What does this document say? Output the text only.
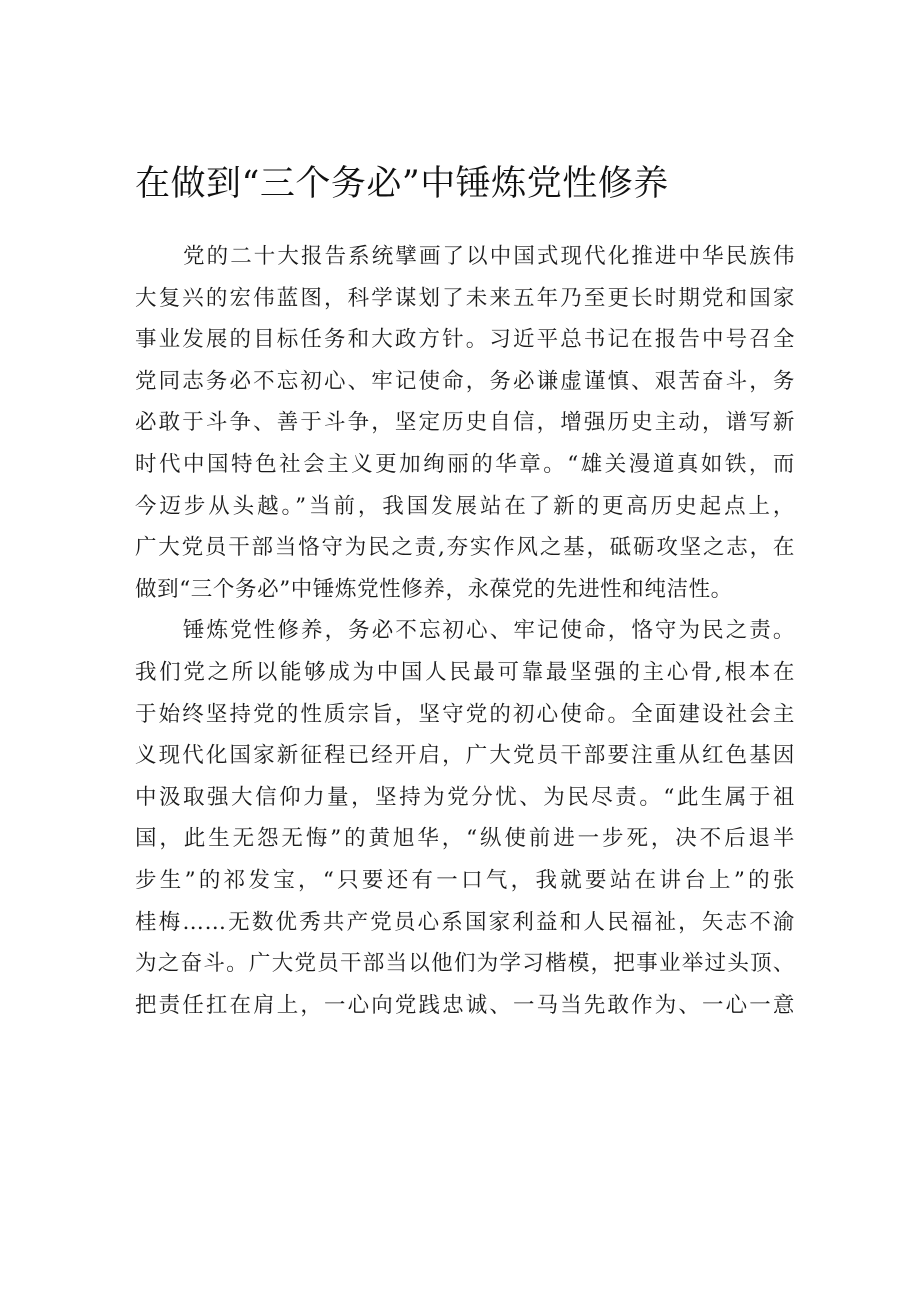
在做到“三个务必”中锤炼党性修养
党的二十大报告系统擘画了以中国式现代化推进中华民族伟
大复兴的宏伟蓝图，科学谋划了未来五年乃至更长时期党和国家
事业发展的目标任务和大政方针。习近平总书记在报告中号召全
党同志务必不忘初心、牢记使命，务必谦虚谨慎、艰苦奋斗，务
必敢于斗争、善于斗争，坚定历史自信，增强历史主动，谱写新
时代中国特色社会主义更加绚丽的华章。“雄关漫道真如铁，而
今迈步从头越。”当前，我国发展站在了新的更高历史起点上，
广大党员干部当恪守为民之责,夯实作风之基，砥砺攻坚之志，在
做到“三个务必”中锤炼党性修养，永葆党的先进性和纯洁性。
锤炼党性修养，务必不忘初心、牢记使命，恪守为民之责。
我们党之所以能够成为中国人民最可靠最坚强的主心骨,根本在
于始终坚持党的性质宗旨，坚守党的初心使命。全面建设社会主
义现代化国家新征程已经开启，广大党员干部要注重从红色基因
中汲取强大信仰力量，坚持为党分忧、为民尽责。“此生属于祖
国，此生无怨无悔”的黄旭华，“纵使前进一步死，决不后退半
步生”的祁发宝，“只要还有一口气，我就要站在讲台上”的张
桂梅……无数优秀共产党员心系国家利益和人民福祉，矢志不渝
为之奋斗。广大党员干部当以他们为学习楷模，把事业举过头顶、
把责任扛在肩上，一心向党践忠诚、一马当先敢作为、一心一意
